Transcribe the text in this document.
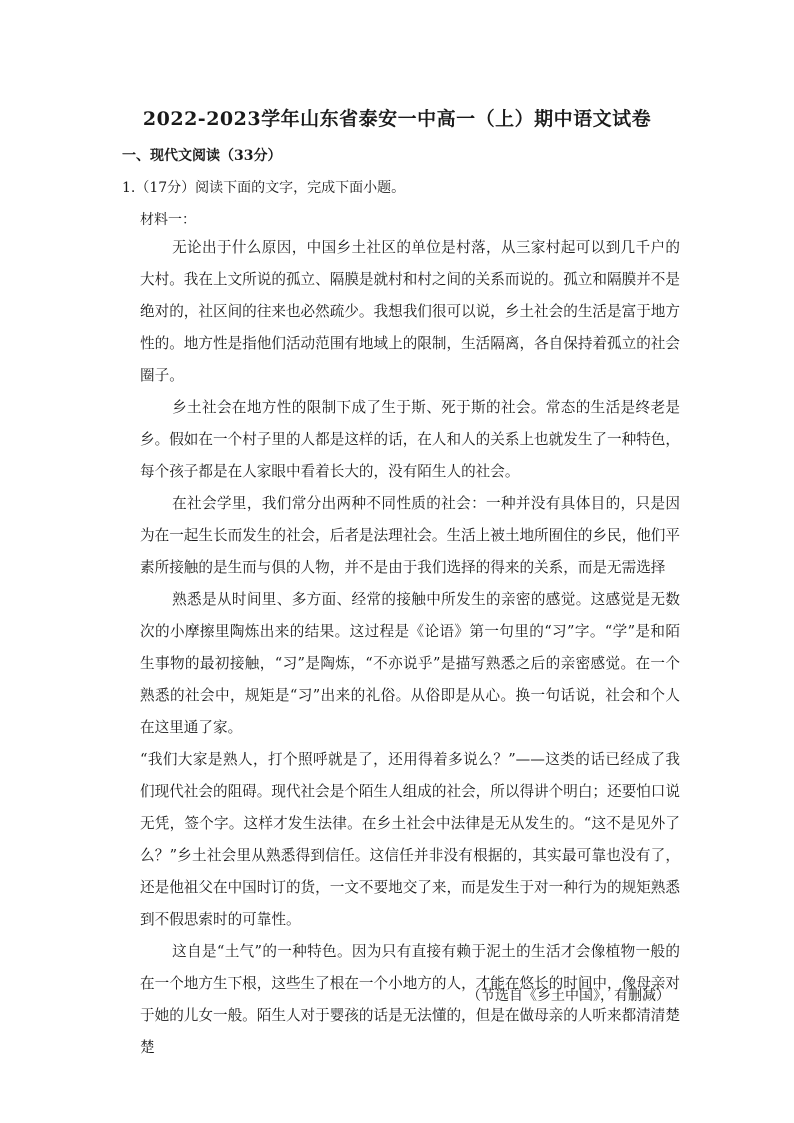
2022-2023学年山东省泰安一中高一（上）期中语文试卷
一、现代文阅读（33分）
1.（17分）阅读下面的文字，完成下面小题。
材料一：

无论出于什么原因，中国乡土社区的单位是村落，从三家村起可以到几千户的大村。我在上文所说的孤立、隔膜是就村和村之间的关系而说的。孤立和隔膜并不是绝对的，社区间的往来也必然疏少。我想我们很可以说，乡土社会的生活是富于地方性的。地方性是指他们活动范围有地域上的限制，生活隔离，各自保持着孤立的社会圈子。

乡土社会在地方性的限制下成了生于斯、死于斯的社会。常态的生活是终老是乡。假如在一个村子里的人都是这样的话，在人和人的关系上也就发生了一种特色，每个孩子都是在人家眼中看着长大的，没有陌生人的社会。

在社会学里，我们常分出两种不同性质的社会：一种并没有具体目的，只是因为在一起生长而发生的社会，后者是法理社会。生活上被土地所囿住的乡民，他们平素所接触的是生而与俱的人物，并不是由于我们选择的得来的关系，而是无需选择

熟悉是从时间里、多方面、经常的接触中所发生的亲密的感觉。这感觉是无数次的小摩擦里陶炼出来的结果。这过程是《论语》第一句里的“习”字。“学”是和陌生事物的最初接触，“习”是陶炼，“不亦说乎”是描写熟悉之后的亲密感觉。在一个熟悉的社会中，规矩是“习”出来的礼俗。从俗即是从心。换一句话说，社会和个人在这里通了家。

“我们大家是熟人，打个照呼就是了，还用得着多说么？”——这类的话已经成了我们现代社会的阻碍。现代社会是个陌生人组成的社会，所以得讲个明白；还要怕口说无凭，签个字。这样才发生法律。在乡土社会中法律是无从发生的。“这不是见外了么？”乡土社会里从熟悉得到信任。这信任并非没有根据的，其实最可靠也没有了，还是他祖父在中国时订的货，一文不要地交了来，而是发生于对一种行为的规矩熟悉到不假思索时的可靠性。

这自是“土气”的一种特色。因为只有直接有赖于泥土的生活才会像植物一般的在一个地方生下根，这些生了根在一个小地方的人，才能在悠长的时间中，像母亲对于她的儿女一般。陌生人对于婴孩的话是无法懂的，但是在做母亲的人听来都清清楚楚

（节选自《乡土中国》，有删减）
